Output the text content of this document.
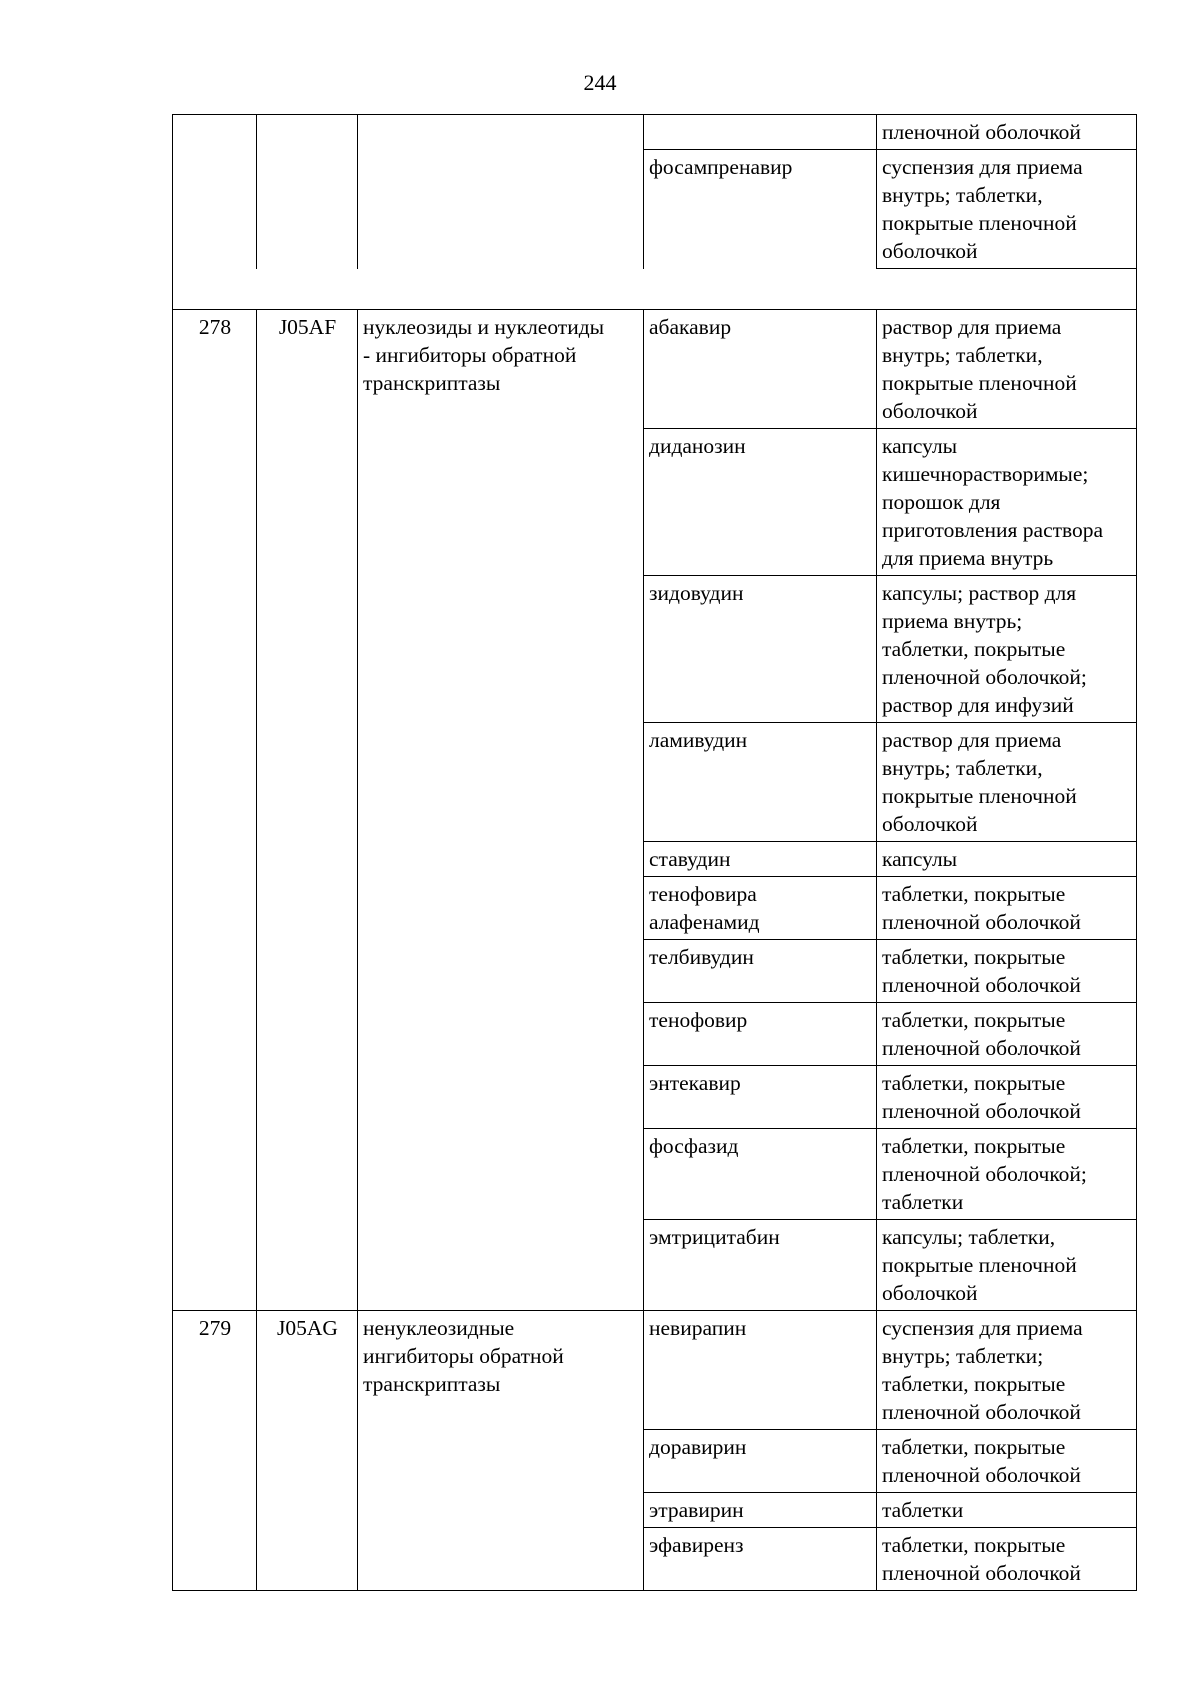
244
				пленочной оболочкой
			фосампренавир	суспензия для приема
внутрь; таблетки,
покрытые пленочной
оболочкой

278	J05AF	нуклеозиды и нуклеотиды
- ингибиторы обратной
транскриптазы	абакавир	раствор для приема
внутрь; таблетки,
покрытые пленочной
оболочкой
			диданозин	капсулы
кишечнорастворимые;
порошок для
приготовления раствора
для приема внутрь
			зидовудин	капсулы; раствор для
приема внутрь;
таблетки, покрытые
пленочной оболочкой;
раствор для инфузий
			ламивудин	раствор для приема
внутрь; таблетки,
покрытые пленочной
оболочкой
			ставудин	капсулы
			тенофовира
алафенамид	таблетки, покрытые
пленочной оболочкой
			телбивудин	таблетки, покрытые
пленочной оболочкой
			тенофовир	таблетки, покрытые
пленочной оболочкой
			энтекавир	таблетки, покрытые
пленочной оболочкой
			фосфазид	таблетки, покрытые
пленочной оболочкой;
таблетки
			эмтрицитабин	капсулы; таблетки,
покрытые пленочной
оболочкой
279	J05AG	ненуклеозидные
ингибиторы обратной
транскриптазы	невирапин	суспензия для приема
внутрь; таблетки;
таблетки, покрытые
пленочной оболочкой
			доравирин	таблетки, покрытые
пленочной оболочкой
			этравирин	таблетки
			эфавиренз	таблетки, покрытые
пленочной оболочкой
